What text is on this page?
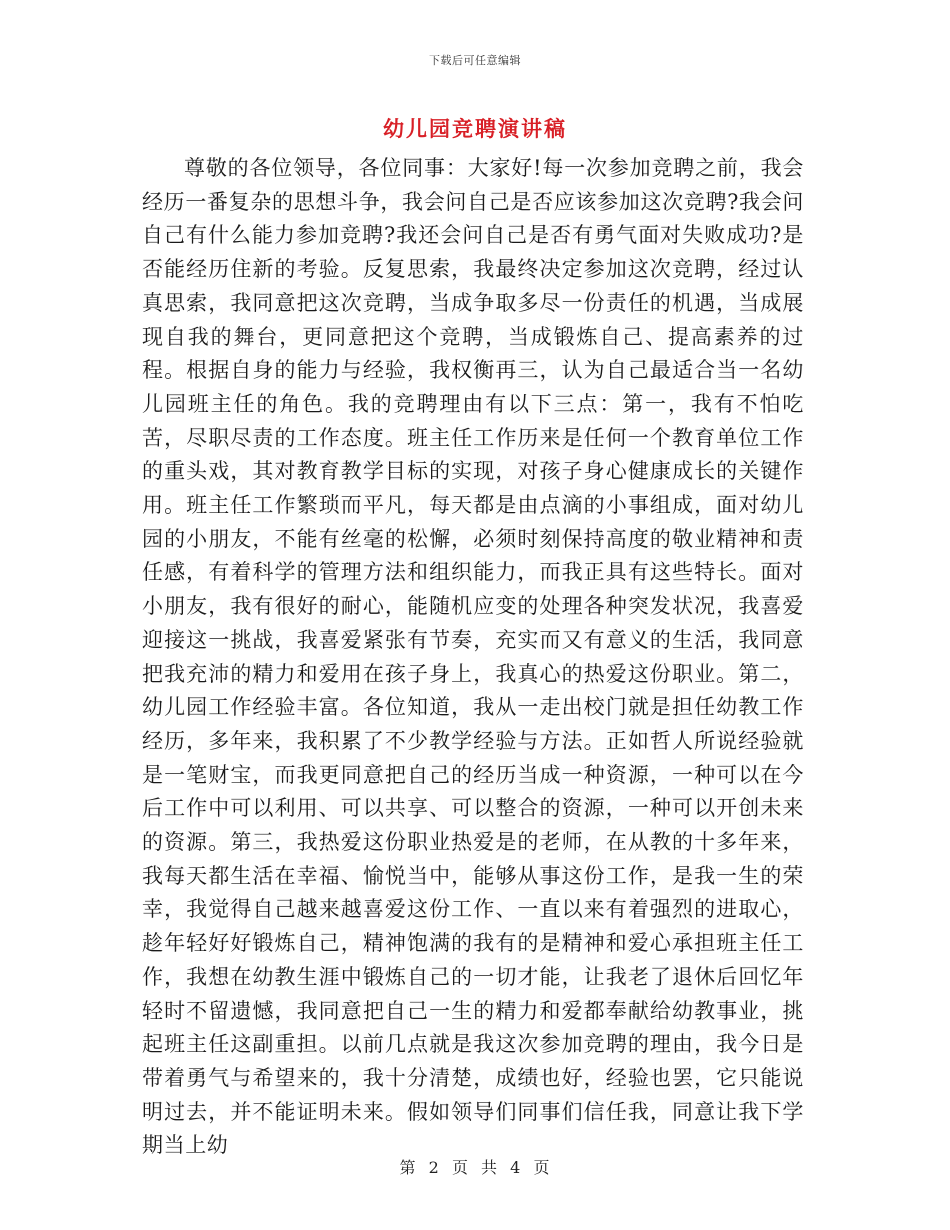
下载后可任意编辑
幼儿园竞聘演讲稿

尊敬的各位领导，各位同事：大家好!每一次参加竞聘之前，我会经历一番复杂的思想斗争，我会问自己是否应该参加这次竞聘?我会问自己有什么能力参加竞聘?我还会问自己是否有勇气面对失败成功?是否能经历住新的考验。反复思索，我最终决定参加这次竞聘，经过认真思索，我同意把这次竞聘，当成争取多尽一份责任的机遇，当成展现自我的舞台，更同意把这个竞聘，当成锻炼自己、提高素养的过程。根据自身的能力与经验，我权衡再三，认为自己最适合当一名幼儿园班主任的角色。我的竞聘理由有以下三点：第一，我有不怕吃苦，尽职尽责的工作态度。班主任工作历来是任何一个教育单位工作的重头戏，其对教育教学目标的实现，对孩子身心健康成长的关键作用。班主任工作繁琐而平凡，每天都是由点滴的小事组成，面对幼儿园的小朋友，不能有丝毫的松懈，必须时刻保持高度的敬业精神和责任感，有着科学的管理方法和组织能力，而我正具有这些特长。面对小朋友，我有很好的耐心，能随机应变的处理各种突发状况，我喜爱迎接这一挑战，我喜爱紧张有节奏，充实而又有意义的生活，我同意把我充沛的精力和爱用在孩子身上，我真心的热爱这份职业。第二，幼儿园工作经验丰富。各位知道，我从一走出校门就是担任幼教工作经历，多年来，我积累了不少教学经验与方法。正如哲人所说经验就是一笔财宝，而我更同意把自己的经历当成一种资源，一种可以在今后工作中可以利用、可以共享、可以整合的资源，一种可以开创未来的资源。第三，我热爱这份职业热爱是的老师，在从教的十多年来，我每天都生活在幸福、愉悦当中，能够从事这份工作，是我一生的荣幸，我觉得自己越来越喜爱这份工作、一直以来有着强烈的进取心，趁年轻好好锻炼自己，精神饱满的我有的是精神和爱心承担班主任工作，我想在幼教生涯中锻炼自己的一切才能，让我老了退休后回忆年轻时不留遗憾，我同意把自己一生的精力和爱都奉献给幼教事业，挑起班主任这副重担。以前几点就是我这次参加竞聘的理由，我今日是带着勇气与希望来的，我十分清楚，成绩也好，经验也罢，它只能说明过去，并不能证明未来。假如领导们同事们信任我，同意让我下学期当上幼

第 2 页 共 4 页
